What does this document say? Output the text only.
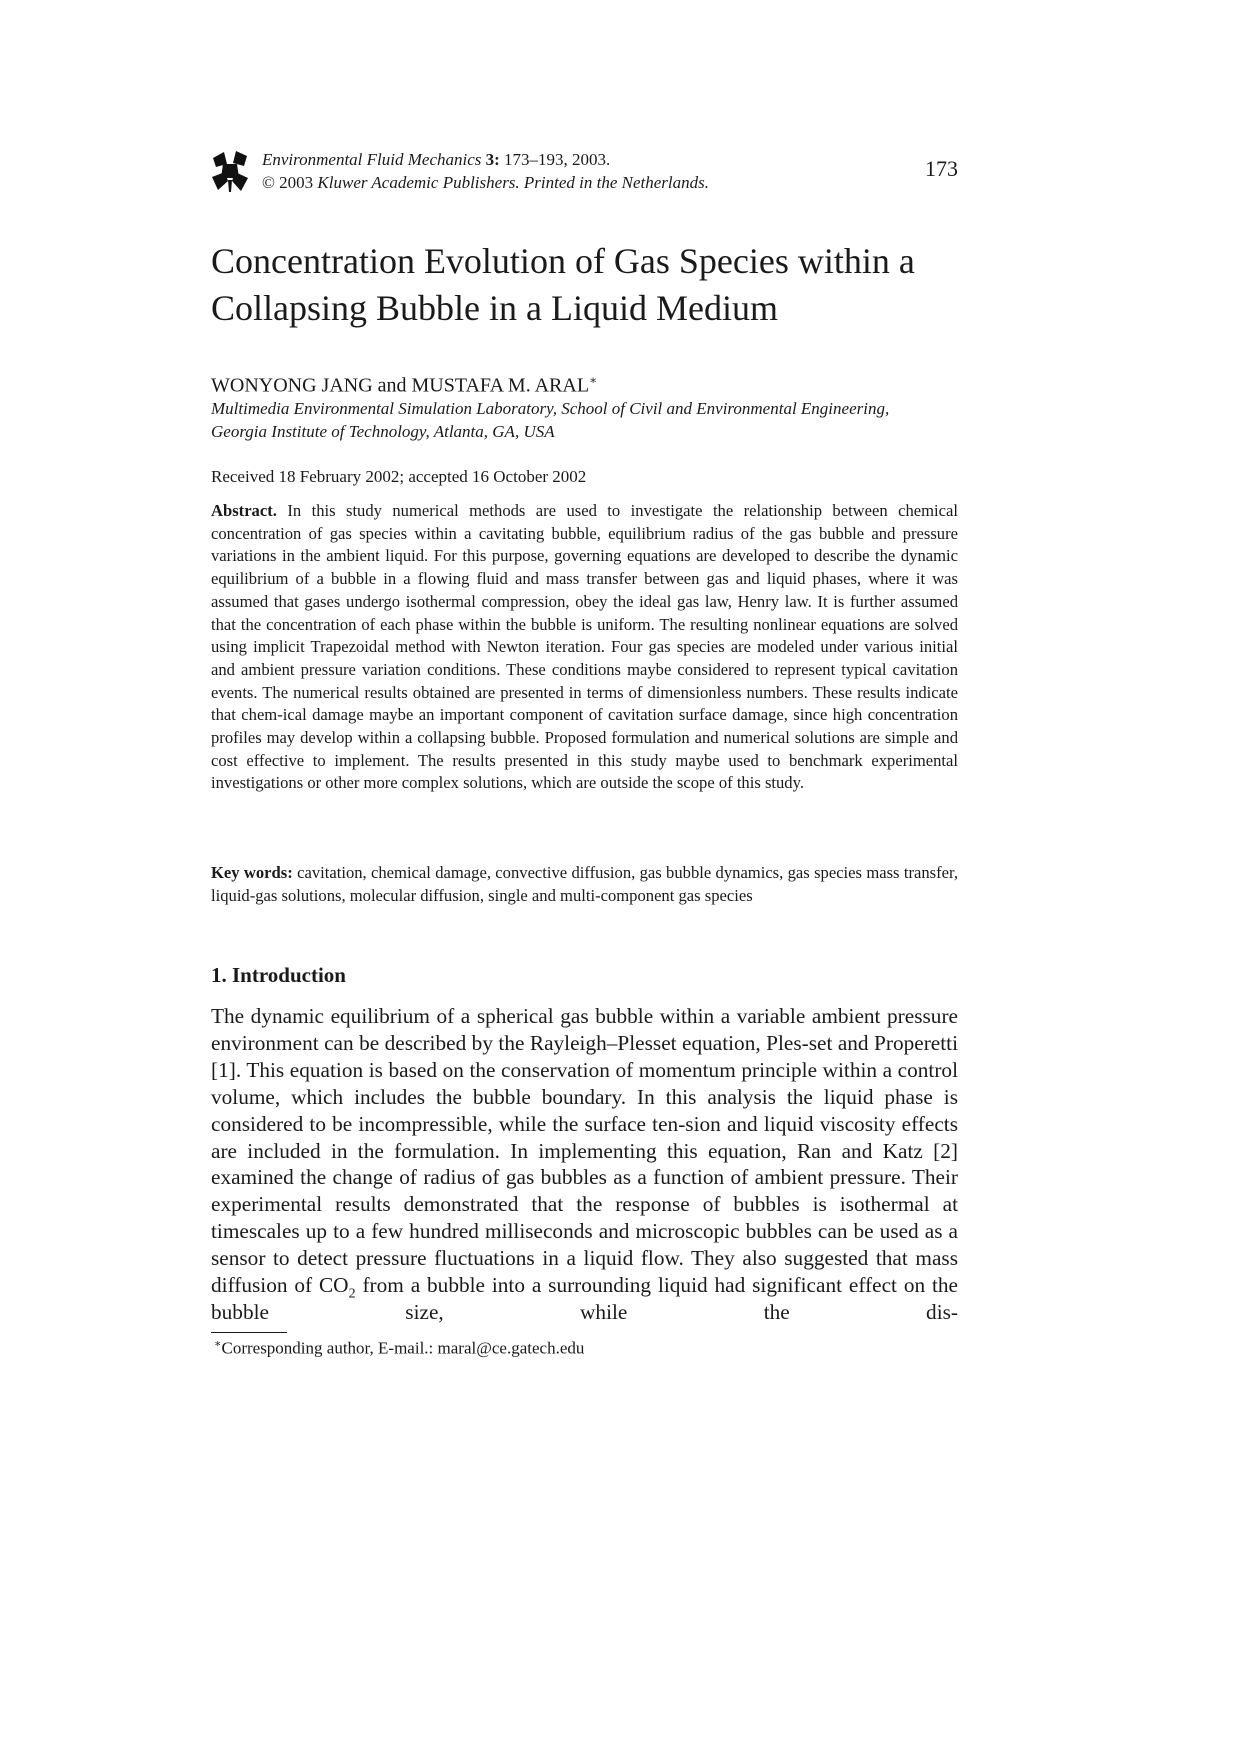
Environmental Fluid Mechanics 3: 173–193, 2003.
© 2003 Kluwer Academic Publishers. Printed in the Netherlands.
173
Concentration Evolution of Gas Species within a
Collapsing Bubble in a Liquid Medium
WONYONG JANG and MUSTAFA M. ARAL∗
Multimedia Environmental Simulation Laboratory, School of Civil and Environmental Engineering,
Georgia Institute of Technology, Atlanta, GA, USA
Received 18 February 2002; accepted 16 October 2002

Abstract. In this study numerical methods are used to investigate the relationship between chemical concentration of gas species within a cavitating bubble, equilibrium radius of the gas bubble and pressure variations in the ambient liquid. For this purpose, governing equations are developed to describe the dynamic equilibrium of a bubble in a flowing fluid and mass transfer between gas and liquid phases, where it was assumed that gases undergo isothermal compression, obey the ideal gas law, Henry law. It is further assumed that the concentration of each phase within the bubble is uniform. The resulting nonlinear equations are solved using implicit Trapezoidal method with Newton iteration. Four gas species are modeled under various initial and ambient pressure variation conditions. These conditions maybe considered to represent typical cavitation events. The numerical results obtained are presented in terms of dimensionless numbers. These results indicate that chem-ical damage maybe an important component of cavitation surface damage, since high concentration profiles may develop within a collapsing bubble. Proposed formulation and numerical solutions are simple and cost effective to implement. The results presented in this study maybe used to benchmark experimental investigations or other more complex solutions, which are outside the scope of this study.

Key words: cavitation, chemical damage, convective diffusion, gas bubble dynamics, gas species mass transfer, liquid-gas solutions, molecular diffusion, single and multi-component gas species

1. Introduction

The dynamic equilibrium of a spherical gas bubble within a variable ambient pressure environment can be described by the Rayleigh–Plesset equation, Ples-set and Properetti [1]. This equation is based on the conservation of momentum principle within a control volume, which includes the bubble boundary. In this analysis the liquid phase is considered to be incompressible, while the surface ten-sion and liquid viscosity effects are included in the formulation. In implementing this equation, Ran and Katz [2] examined the change of radius of gas bubbles as a function of ambient pressure. Their experimental results demonstrated that the response of bubbles is isothermal at timescales up to a few hundred milliseconds and microscopic bubbles can be used as a sensor to detect pressure fluctuations in a liquid flow. They also suggested that mass diffusion of $CO_2$ from a bubble into a surrounding liquid had significant effect on the bubble size, while the dis-

∗Corresponding author, E-mail.: maral@ce.gatech.edu
